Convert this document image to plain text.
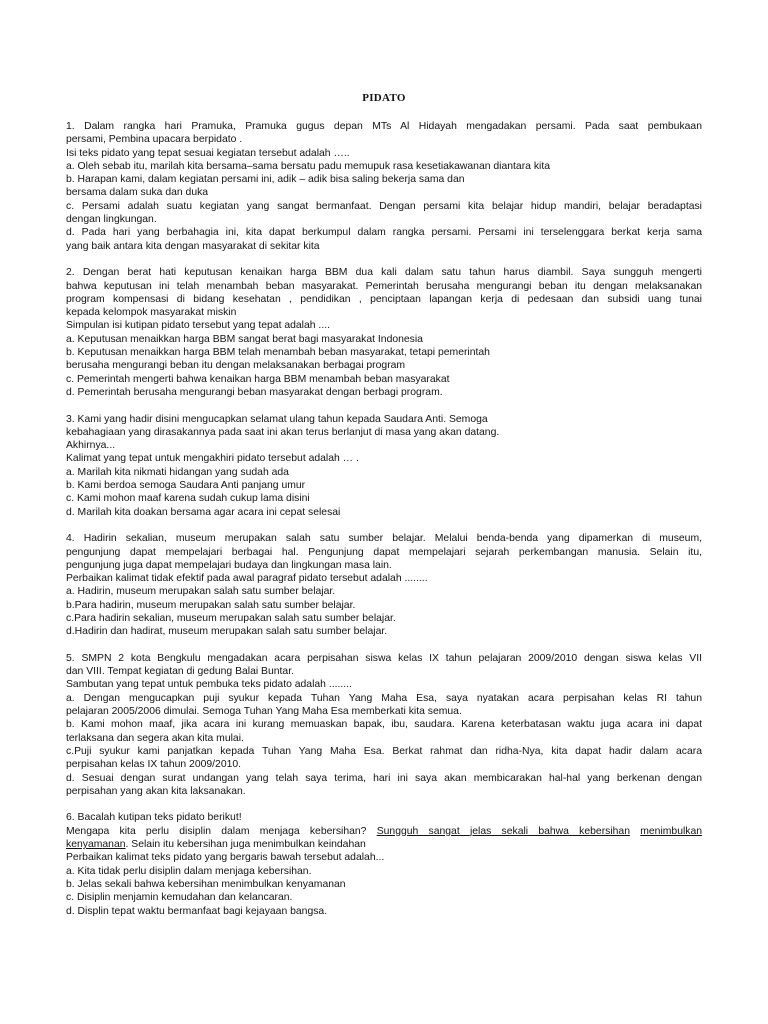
PIDATO
1. Dalam rangka hari Pramuka, Pramuka gugus depan MTs Al Hidayah mengadakan persami. Pada saat pembukaan
persami, Pembina upacara berpidato .
Isi teks pidato yang tepat sesuai kegiatan tersebut adalah …..
a. Oleh sebab itu, marilah kita bersama–sama bersatu padu memupuk rasa kesetiakawanan diantara kita
b. Harapan kami, dalam kegiatan persami ini, adik – adik bisa saling bekerja sama dan
bersama dalam suka dan duka
c. Persami adalah suatu kegiatan yang sangat bermanfaat. Dengan persami kita belajar hidup mandiri, belajar beradaptasi
dengan lingkungan.
d. Pada hari yang berbahagia ini, kita dapat berkumpul dalam rangka persami. Persami ini terselenggara berkat kerja sama
yang baik antara kita dengan masyarakat di sekitar kita
2. Dengan berat hati keputusan kenaikan harga BBM dua kali dalam satu tahun harus diambil. Saya sungguh mengerti
bahwa keputusan ini telah menambah beban masyarakat. Pemerintah berusaha mengurangi beban itu dengan melaksanakan
program kompensasi di bidang kesehatan , pendidikan , penciptaan lapangan kerja di pedesaan dan subsidi uang tunai
kepada kelompok masyarakat miskin
Simpulan isi kutipan pidato tersebut yang tepat adalah ....
a. Keputusan menaikkan harga BBM sangat berat bagi masyarakat Indonesia
b. Keputusan menaikkan harga BBM telah menambah beban masyarakat, tetapi pemerintah
berusaha mengurangi beban itu dengan melaksanakan berbagai program
c. Pemerintah mengerti bahwa kenaikan harga BBM menambah beban masyarakat
d. Pemerintah berusaha mengurangi beban masyarakat dengan berbagi program.
3. Kami yang hadir disini mengucapkan selamat ulang tahun kepada Saudara Anti. Semoga
kebahagiaan yang dirasakannya pada saat ini akan terus berlanjut di masa yang akan datang.
Akhirnya...
Kalimat yang tepat untuk mengakhiri pidato tersebut adalah … .
a. Marilah kita nikmati hidangan yang sudah ada
b. Kami berdoa semoga Saudara Anti panjang umur
c. Kami mohon maaf karena sudah cukup lama disini
d. Marilah kita doakan bersama agar acara ini cepat selesai
4. Hadirin sekalian, museum merupakan salah satu sumber belajar. Melalui benda-benda yang dipamerkan di museum,
pengunjung dapat mempelajari berbagai hal. Pengunjung dapat mempelajari sejarah perkembangan manusia. Selain itu,
pengunjung juga dapat mempelajari budaya dan lingkungan masa lain.
Perbaikan kalimat tidak efektif pada awal paragraf pidato tersebut adalah ........
a. Hadirin, museum merupakan salah satu sumber belajar.
b.Para hadirin, museum merupakan salah satu sumber belajar.
c.Para hadirin sekalian, museum merupakan salah satu sumber belajar.
d.Hadirin dan hadirat, museum merupakan salah satu sumber belajar.
5. SMPN 2 kota Bengkulu mengadakan acara perpisahan siswa kelas IX tahun pelajaran 2009/2010 dengan siswa kelas VII
dan VIII. Tempat kegiatan di gedung Balai Buntar.
Sambutan yang tepat untuk pembuka teks pidato adalah ........
a. Dengan mengucapkan puji syukur kepada Tuhan Yang Maha Esa, saya nyatakan acara perpisahan kelas RI tahun
pelajaran 2005/2006 dimulai. Semoga Tuhan Yang Maha Esa memberkati kita semua.
b. Kami mohon maaf, jika acara ini kurang memuaskan bapak, ibu, saudara. Karena keterbatasan waktu juga acara ini dapat
terlaksana dan segera akan kita mulai.
c.Puji syukur kami panjatkan kepada Tuhan Yang Maha Esa. Berkat rahmat dan ridha-Nya, kita dapat hadir dalam acara
perpisahan kelas IX tahun 2009/2010.
d. Sesuai dengan surat undangan yang telah saya terima, hari ini saya akan membicarakan hal-hal yang berkenan dengan
perpisahan yang akan kita laksanakan.
6. Bacalah kutipan teks pidato berikut!
Mengapa kita perlu disiplin dalam menjaga kebersihan? Sungguh sangat jelas sekali bahwa kebersihan menimbulkan
kenyamanan. Selain itu kebersihan juga menimbulkan keindahan
Perbaikan kalimat teks pidato yang bergaris bawah tersebut adalah...
a. Kita tidak perlu disiplin dalam menjaga kebersihan.
b. Jelas sekali bahwa kebersihan menimbulkan kenyamanan
c. Disiplin menjamin kemudahan dan kelancaran.
d. Displin tepat waktu bermanfaat bagi kejayaan bangsa.
